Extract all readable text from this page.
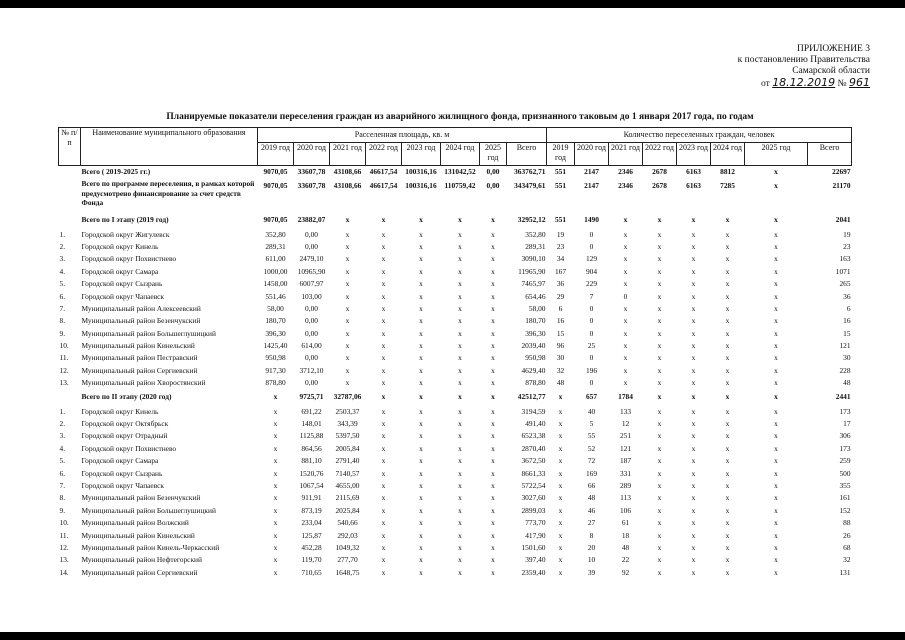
ПРИЛОЖЕНИЕ 3
к постановлению Правительства
Самарской области
от 18.12.2019 № 961
Планируемые показатели переселения граждан из аварийного жилищного фонда, признанного таковым до 1 января 2017 года, по годам
№ п/п	Наименование муниципального образования	Расселенная площадь, кв. м								Количество переселенных граждан, человек							
		2019 год	2020 год	2021 год	2022 год	2023 год	2024 год	2025 год	Всего	2019 год	2020 год	2021 год	2022 год	2023 год	2024 год	2025 год	Всего
	Всего ( 2019-2025 гг.)	9070,05	33607,78	43108,66	46617,54	100316,16	131042,52	0,00	363762,71	551	2147	2346	2678	6163	8812	x	22697
	Всего по программе переселения, в рамках которой предусмотрено финансирование за счет средств Фонда	9070,05	33607,78	43108,66	46617,54	100316,16	110759,42	0,00	343479,61	551	2147	2346	2678	6163	7285	x	21170
	Всего по I этапу (2019 год)	9070,05	23882,07	x	x	x	x	x	32952,12	551	1490	x	x	x	x	x	2041
1.	Городской округ Жигулевск	352,80	0,00	x	x	x	x	x	352,80	19	0	x	x	x	x	x	19
2.	Городской округ Кинель	289,31	0,00	x	x	x	x	x	289,31	23	0	x	x	x	x	x	23
3.	Городской округ Похвистнево	611,00	2479,10	x	x	x	x	x	3090,10	34	129	x	x	x	x	x	163
4.	Городской округ Самара	1000,00	10965,90	x	x	x	x	x	11965,90	167	904	x	x	x	x	x	1071
5.	Городской округ Сызрань	1458,00	6007,97	x	x	x	x	x	7465,97	36	229	x	x	x	x	x	265
6.	Городской округ Чапаевск	551,46	103,00	x	x	x	x	x	654,46	29	7	0	x	x	x	x	36
7.	Муниципальный район Алексеевский	58,00	0,00	x	x	x	x	x	58,00	6	0	x	x	x	x	x	6
8.	Муниципальный район Безенчукский	180,70	0,00	x	x	x	x	x	180,70	16	0	x	x	x	x	x	16
9.	Муниципальный район Большеглушицкий	396,30	0,00	x	x	x	x	x	396,30	15	0	x	x	x	x	x	15
10.	Муниципальный район Кинельский	1425,40	614,00	x	x	x	x	x	2039,40	96	25	x	x	x	x	x	121
11.	Муниципальный район Пестравский	950,98	0,00	x	x	x	x	x	950,98	30	0	x	x	x	x	x	30
12.	Муниципальный район Сергиевский	917,30	3712,10	x	x	x	x	x	4629,40	32	196	x	x	x	x	x	228
13.	Муниципальный район Хворостянский	878,80	0,00	x	x	x	x	x	878,80	48	0	x	x	x	x	x	48
	Всего по II этапу (2020 год)	x	9725,71	32787,06	x	x	x	x	42512,77	x	657	1784	x	x	x	x	2441
1.	Городской округ Кинель	x	691,22	2503,37	x	x	x	x	3194,59	x	40	133	x	x	x	x	173
2.	Городской округ Октябрьск	x	148,01	343,39	x	x	x	x	491,40	x	5	12	x	x	x	x	17
3.	Городской округ Отрадный	x	1125,88	5397,50	x	x	x	x	6523,38	x	55	251	x	x	x	x	306
4.	Городской округ Похвистнево	x	864,56	2005,84	x	x	x	x	2870,40	x	52	121	x	x	x	x	173
5.	Городской округ Самара	x	881,10	2791,40	x	x	x	x	3672,50	x	72	187	x	x	x	x	259
6.	Городской округ Сызрань	x	1520,76	7140,57	x	x	x	x	8661,33	x	169	331	x	x	x	x	500
7.	Городской округ Чапаевск	x	1067,54	4655,00	x	x	x	x	5722,54	x	66	289	x	x	x	x	355
8.	Муниципальный район Безенчукский	x	911,91	2115,69	x	x	x	x	3027,60	x	48	113	x	x	x	x	161
9.	Муниципальный район Большеглушицкий	x	873,19	2025,84	x	x	x	x	2899,03	x	46	106	x	x	x	x	152
10.	Муниципальный район Волжский	x	233,04	540,66	x	x	x	x	773,70	x	27	61	x	x	x	x	88
11.	Муниципальный район Кинельский	x	125,87	292,03	x	x	x	x	417,90	x	8	18	x	x	x	x	26
12.	Муниципальный район Кинель-Черкасский	x	452,28	1049,32	x	x	x	x	1501,60	x	20	48	x	x	x	x	68
13.	Муниципальный район Нефтегорский	x	119,70	277,70	x	x	x	x	397,40	x	10	22	x	x	x	x	32
14.	Муниципальный район Сергиевский	x	710,65	1648,75	x	x	x	x	2359,40	x	39	92	x	x	x	x	131
